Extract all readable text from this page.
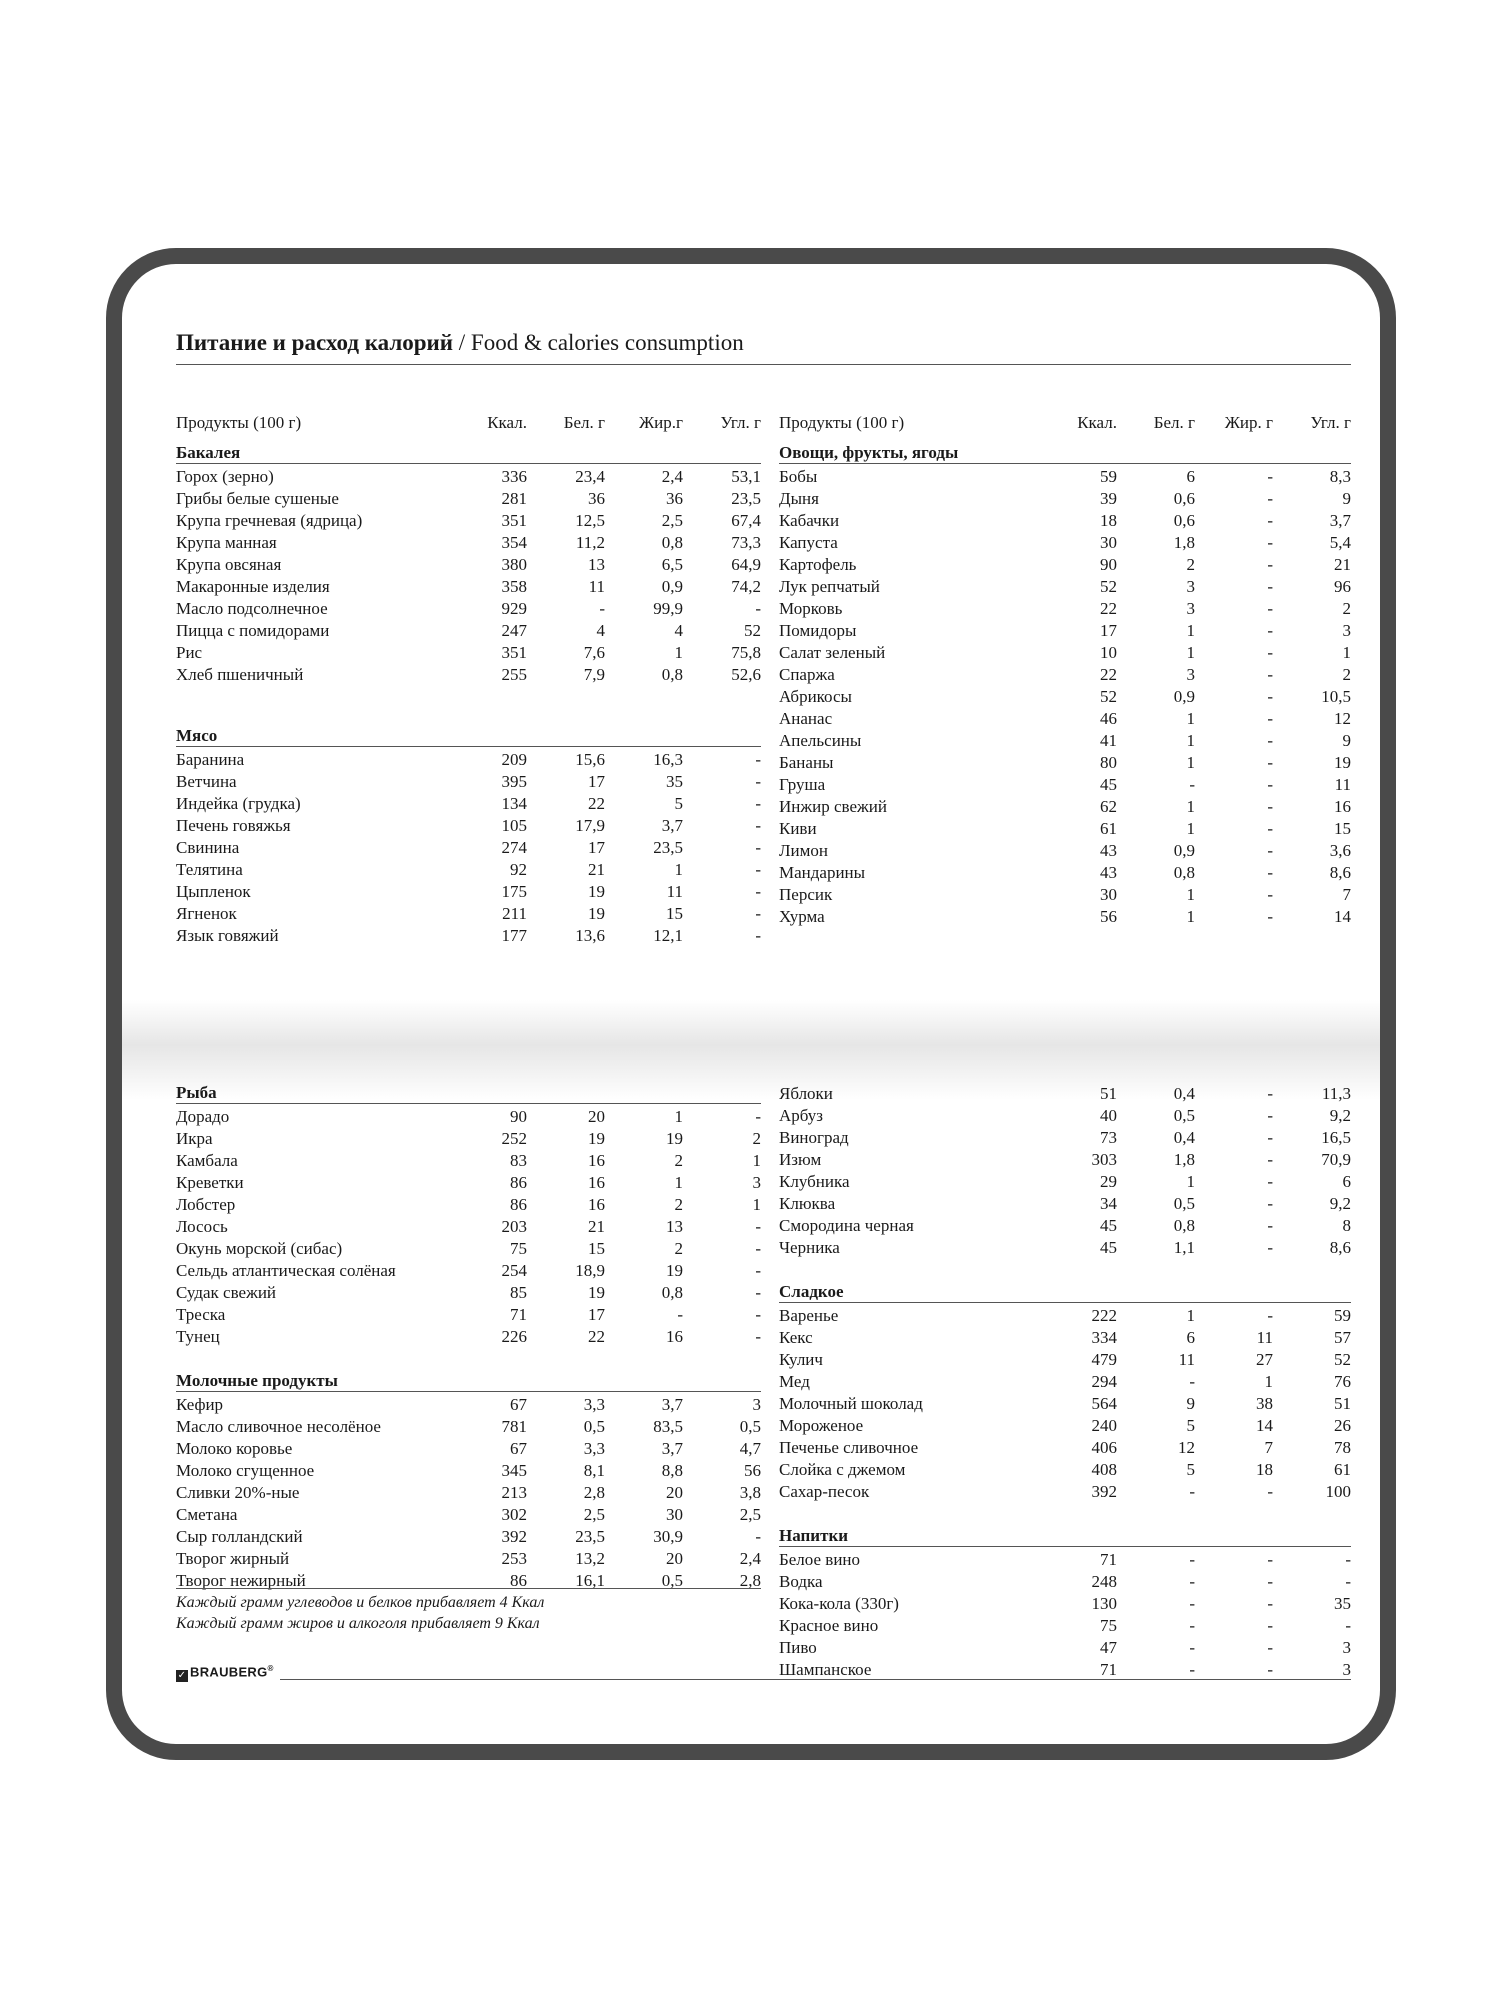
Питание и расход калорий / Food & calories consumption
Продукты (100 г)	Ккал.	Бел. г	Жир.г	Угл. г
Бакалея
Горох (зерно)	336	23,4	2,4	53,1
Грибы белые сушеные	281	36	36	23,5
Крупа гречневая (ядрица)	351	12,5	2,5	67,4
Крупа манная	354	11,2	0,8	73,3
Крупа овсяная	380	13	6,5	64,9
Макаронные изделия	358	11	0,9	74,2
Масло подсолнечное	929	-	99,9	-
Пицца с помидорами	247	4	4	52
Рис	351	7,6	1	75,8
Хлеб пшеничный	255	7,9	0,8	52,6
Мясо
Баранина	209	15,6	16,3	-
Ветчина	395	17	35	-
Индейка (грудка)	134	22	5	-
Печень говяжья	105	17,9	3,7	-
Свинина	274	17	23,5	-
Телятина	92	21	1	-
Цыпленок	175	19	11	-
Ягненок	211	19	15	-
Язык говяжий	177	13,6	12,1	-
Продукты (100 г)	Ккал.	Бел. г	Жир. г	Угл. г
Овощи, фрукты, ягоды
Бобы	59	6	-	8,3
Дыня	39	0,6	-	9
Кабачки	18	0,6	-	3,7
Капуста	30	1,8	-	5,4
Картофель	90	2	-	21
Лук репчатый	52	3	-	96
Морковь	22	3	-	2
Помидоры	17	1	-	3
Салат зеленый	10	1	-	1
Спаржа	22	3	-	2
Абрикосы	52	0,9	-	10,5
Ананас	46	1	-	12
Апельсины	41	1	-	9
Бананы	80	1	-	19
Груша	45	-	-	11
Инжир свежий	62	1	-	16
Киви	61	1	-	15
Лимон	43	0,9	-	3,6
Мандарины	43	0,8	-	8,6
Персик	30	1	-	7
Хурма	56	1	-	14
Рыба
Дорадо	90	20	1	-
Икра	252	19	19	2
Камбала	83	16	2	1
Креветки	86	16	1	3
Лобстер	86	16	2	1
Лосось	203	21	13	-
Окунь морской (сибас)	75	15	2	-
Сельдь атлантическая солёная	254	18,9	19	-
Судак свежий	85	19	0,8	-
Треска	71	17	-	-
Тунец	226	22	16	-
Молочные продукты
Кефир	67	3,3	3,7	3
Масло сливочное несолёное	781	0,5	83,5	0,5
Молоко коровье	67	3,3	3,7	4,7
Молоко сгущенное	345	8,1	8,8	56
Сливки 20%-ные	213	2,8	20	3,8
Сметана	302	2,5	30	2,5
Сыр голландский	392	23,5	30,9	-
Творог жирный	253	13,2	20	2,4
Творог нежирный	86	16,1	0,5	2,8
Яблоки	51	0,4	-	11,3
Арбуз	40	0,5	-	9,2
Виноград	73	0,4	-	16,5
Изюм	303	1,8	-	70,9
Клубника	29	1	-	6
Клюква	34	0,5	-	9,2
Смородина черная	45	0,8	-	8
Черника	45	1,1	-	8,6
Сладкое
Варенье	222	1	-	59
Кекс	334	6	11	57
Кулич	479	11	27	52
Мед	294	-	1	76
Молочный шоколад	564	9	38	51
Мороженое	240	5	14	26
Печенье сливочное	406	12	7	78
Слойка с джемом	408	5	18	61
Сахар-песок	392	-	-	100
Напитки
Белое вино	71	-	-	-
Водка	248	-	-	-
Кока-кола (330г)	130	-	-	35
Красное вино	75	-	-	-
Пиво	47	-	-	3
Шампанское	71	-	-	3
Каждый грамм углеводов и белков прибавляет 4 Ккал
Каждый грамм жиров и алкоголя прибавляет 9 Ккал
✓ BRAUBERG®
